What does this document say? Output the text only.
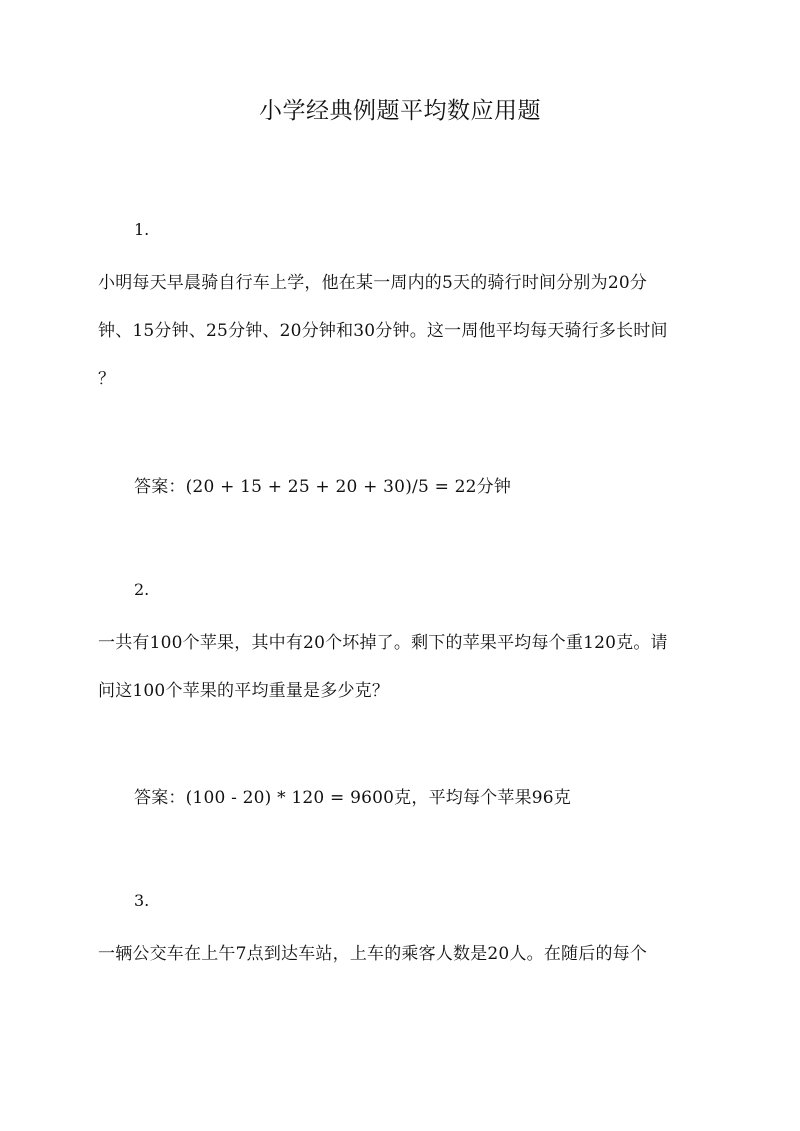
小学经典例题平均数应用题
1.
小明每天早晨骑自行车上学，他在某一周内的5天的骑行时间分别为20分
钟、15分钟、25分钟、20分钟和30分钟。这一周他平均每天骑行多长时间
？
答案：(20 + 15 + 25 + 20 + 30)/5 = 22分钟
2.
一共有100个苹果，其中有20个坏掉了。剩下的苹果平均每个重120克。请
问这100个苹果的平均重量是多少克？
答案：(100 - 20) * 120 = 9600克，平均每个苹果96克
3.
一辆公交车在上午7点到达车站，上车的乘客人数是20人。在随后的每个
